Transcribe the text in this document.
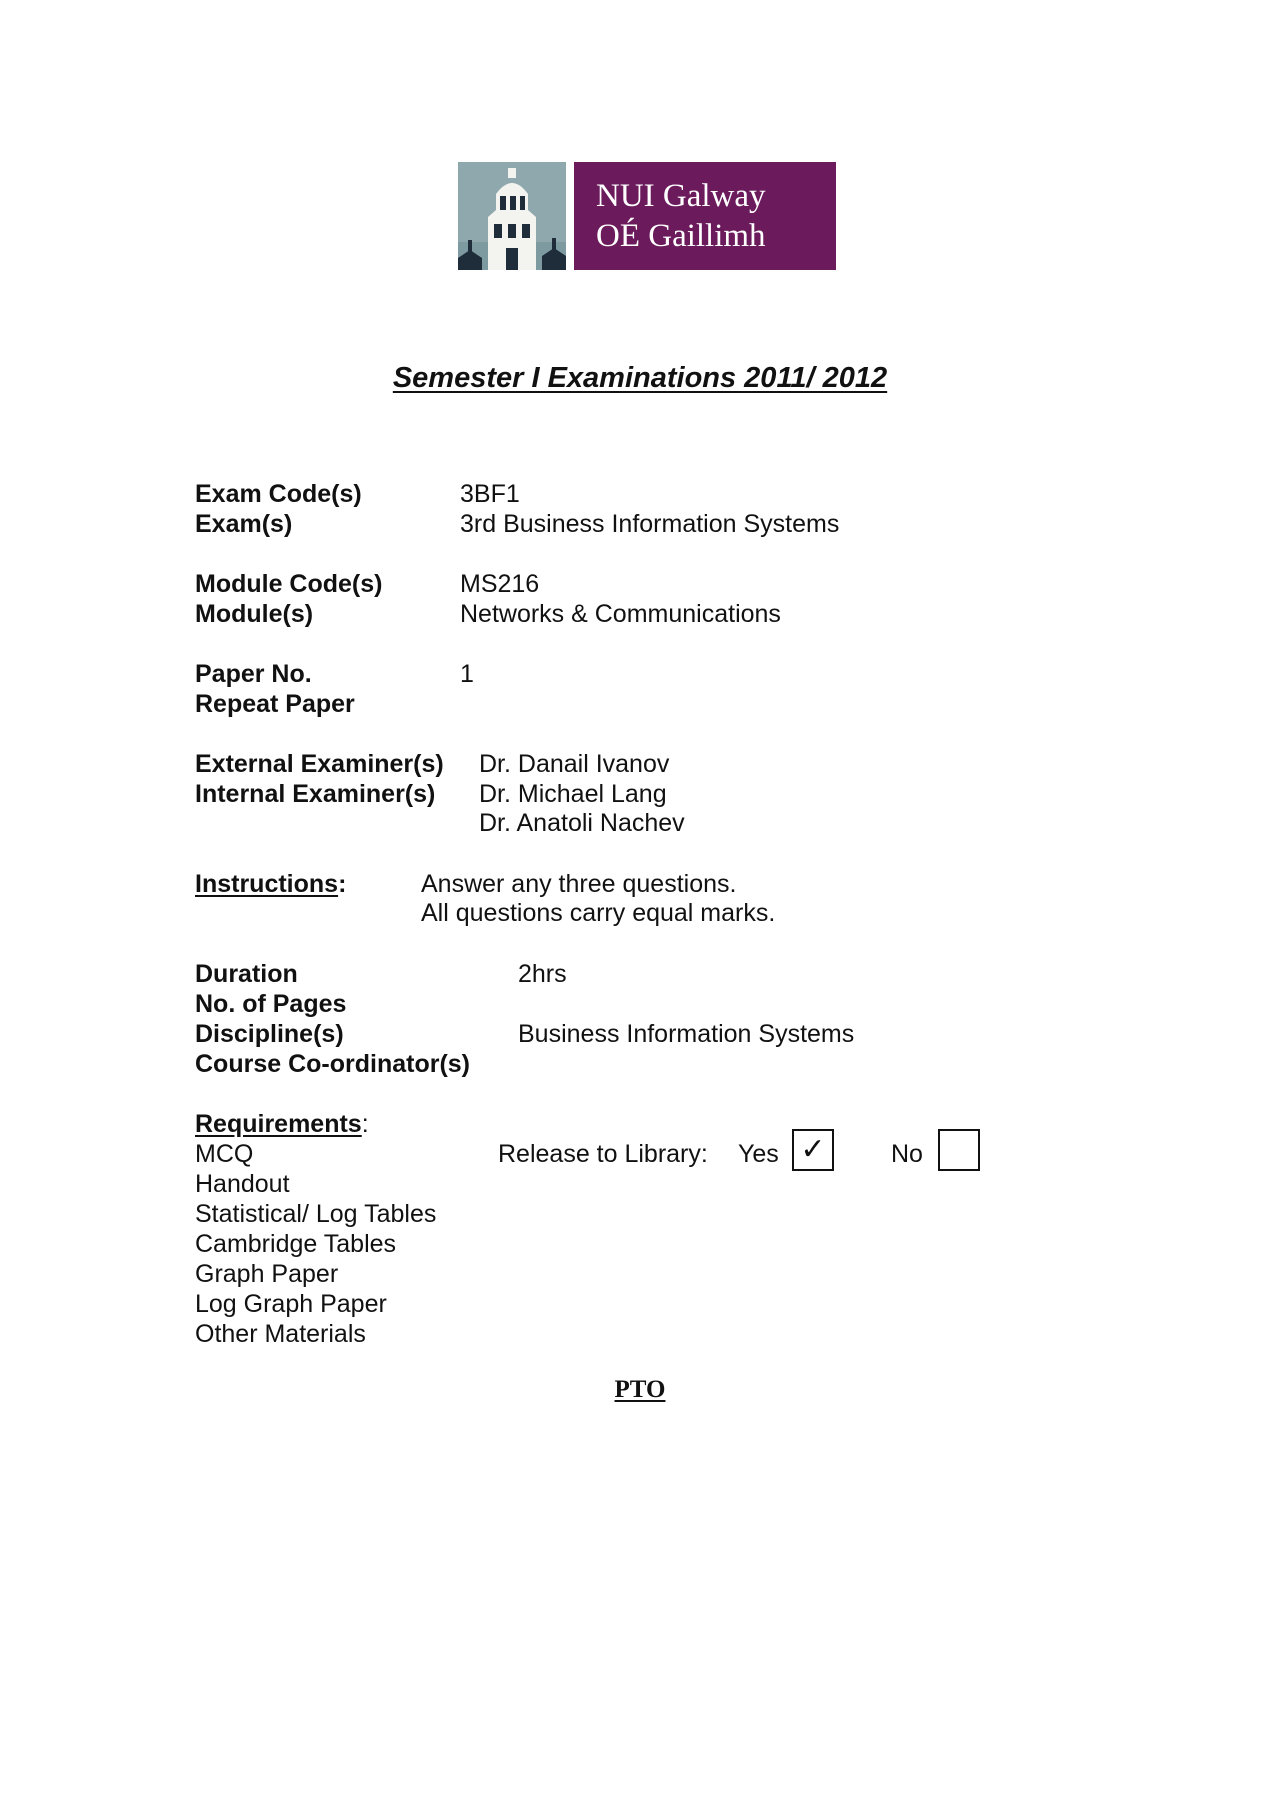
NUI Galway
OÉ Gaillimh
Semester I Examinations 2011/ 2012
Exam Code(s)	3BF1
Exam(s)	3rd Business Information Systems
Module Code(s)	MS216
Module(s)	Networks & Communications
Paper No.	1
Repeat Paper
External Examiner(s) Dr. Danail Ivanov
Internal Examiner(s) Dr. Michael Lang
Dr. Anatoli Nachev
Instructions:	Answer any three questions.
All questions carry equal marks.
Duration	2hrs
No. of Pages
Discipline(s)	Business Information Systems
Course Co-ordinator(s)
Requirements:
MCQ
Handout
Statistical/ Log Tables
Cambridge Tables
Graph Paper
Log Graph Paper
Other Materials
Release to Library: Yes ✓	No
PTO
